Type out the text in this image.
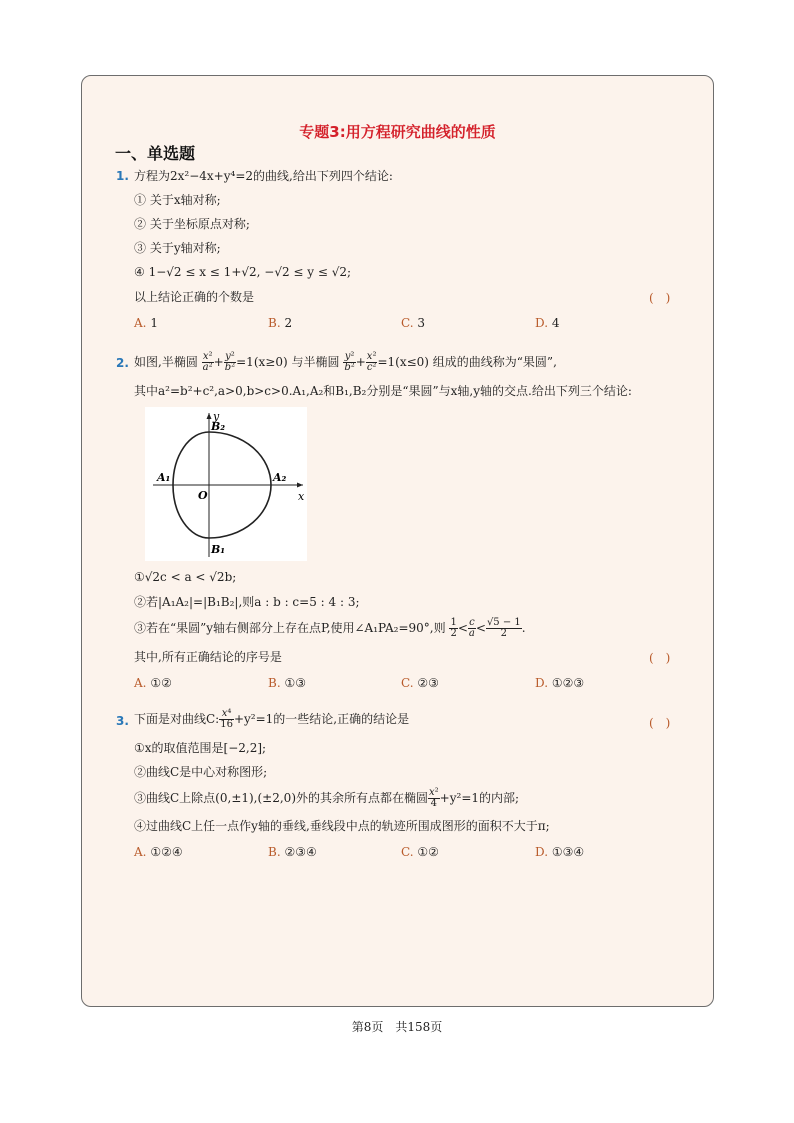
专题3:用方程研究曲线的性质
一、单选题
1. 方程为2x²−4x+y⁴=2的曲线,给出下列四个结论:
① 关于x轴对称;
② 关于坐标原点对称;
③ 关于y轴对称;
④ 1−√2 ≤ x ≤ 1+√2, −√2 ≤ y ≤ √2;
以上结论正确的个数是	(　)
A. 1	B. 2	C. 3	D. 4
2. 如图,半椭圆 $\frac{\text{x²}}{\text{a²}} + \frac{\text{y²}}{\text{b²}} =1(x\ge 0)$ 与半椭圆 $\frac{\text{y²}}{\text{b²}} + \frac{\text{x²}}{\text{c²}} =1(x\le 0)$ 组成的曲线称为“果圆”,
其中a²=b²+c²,a>0,b>c>0.A₁,A₂和B₁,B₂分别是“果圆”与x轴,y轴的交点.给出下列三个结论:
y
x
O
A₁	A₂
B₂
B₁
①√2c < a < √2b;
②若|A₁A₂|=|B₁B₂|,则a : b : c=5 : 4 : 3;
③若在“果圆”y轴右侧部分上存在点P,使用∠A₁PA₂=90°,则 $\frac{1}{2} < \frac{c}{a} < \frac{√5 - 1}{2}$ .
其中,所有正确结论的序号是	(　)
A. ①②	B. ①③	C. ②③	D. ①②③
3. 下面是对曲线C: $\frac{\text{x⁴}}{16} +y^2=1$的一些结论,正确的结论是	(　)
①x的取值范围是[−2,2];
②曲线C是中心对称图形;
③曲线C上除点(0,±1),(±2,0)外的其余所有点都在椭圆 $\frac{\text{x²}}{4} +y^2=1$的内部;
④过曲线C上任一点作y轴的垂线,垂线段中点的轨迹所围成图形的面积不大于π;
A. ①②④	B. ②③④	C. ①②	D. ①③④
第8页　共158页
